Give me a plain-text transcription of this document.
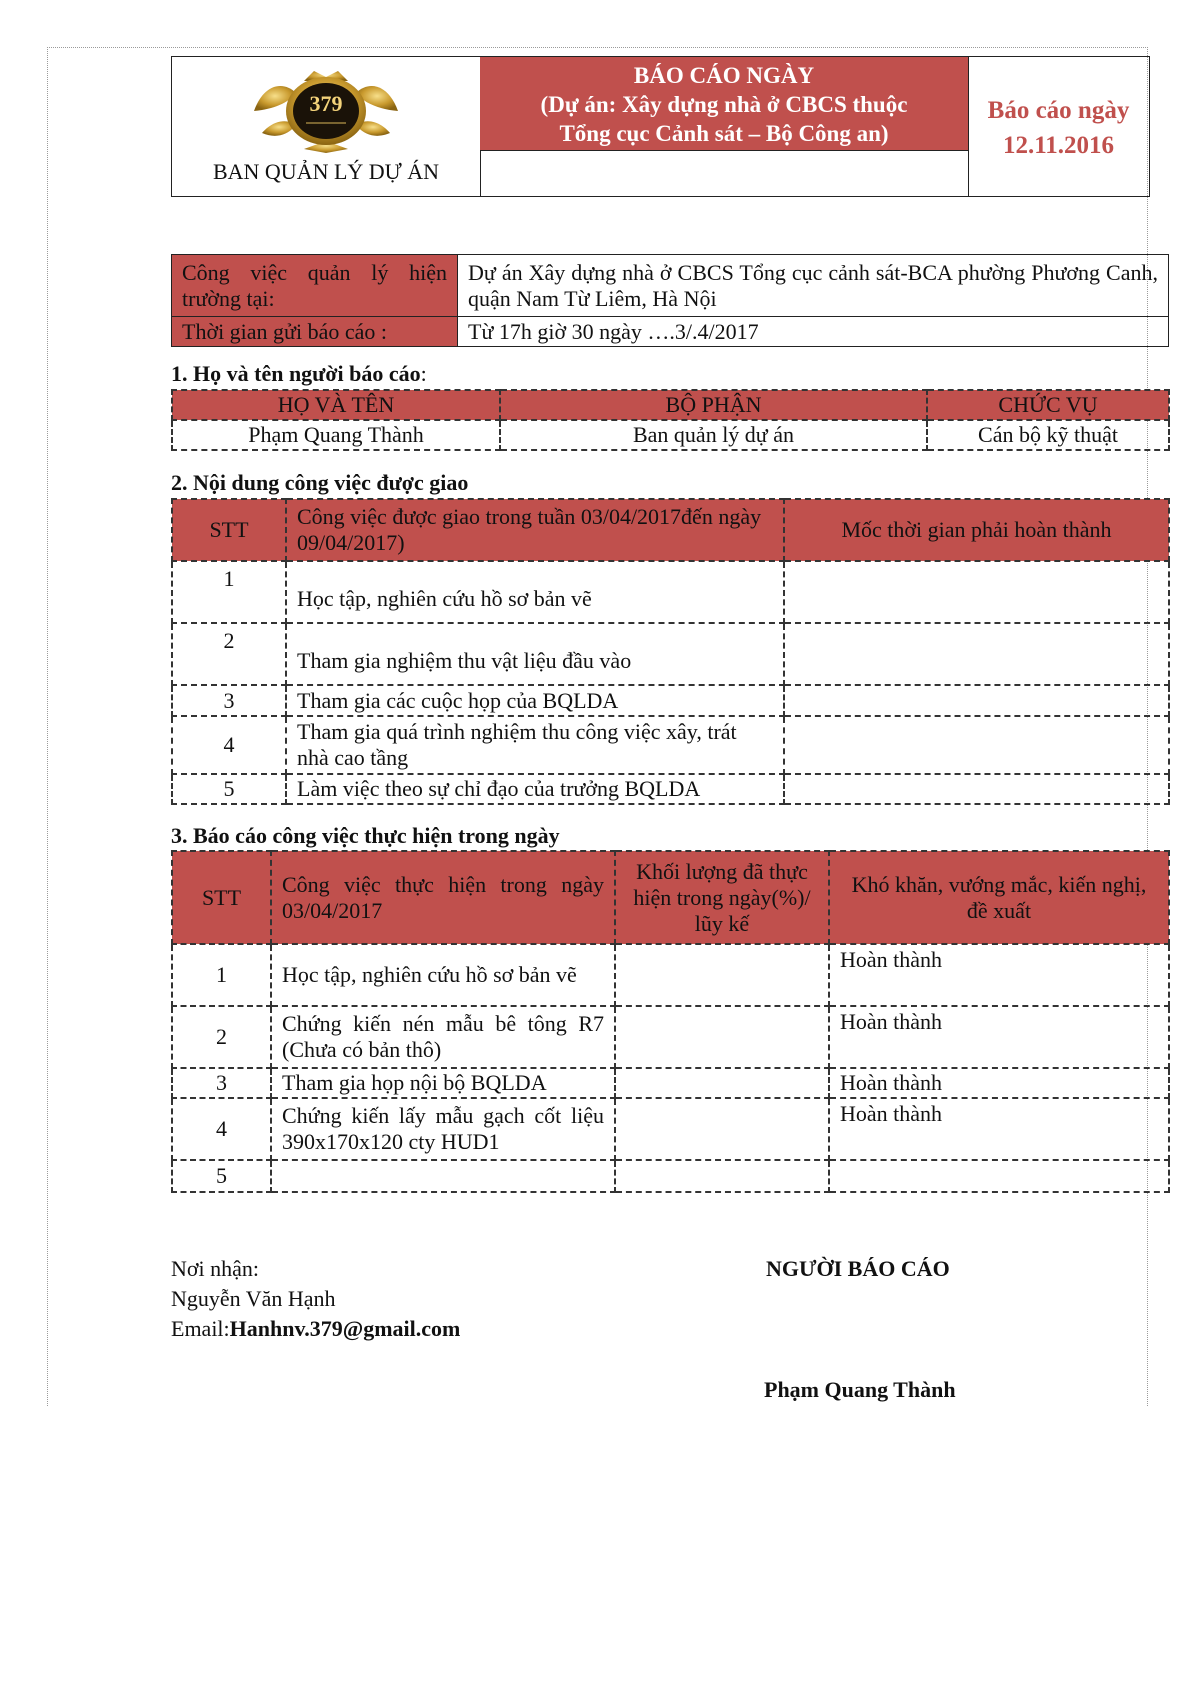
379
BAN QUẢN LÝ DỰ ÁN
BÁO CÁO NGÀY
(Dự án: Xây dựng nhà ở CBCS thuộc
Tổng cục Cảnh sát – Bộ Công an)
Báo cáo ngày
12.11.2016
Công việc quản lý hiện trường tại:	Dự án Xây dựng nhà ở CBCS Tổng cục cảnh sát-BCA phường Phương Canh, quận Nam Từ Liêm, Hà Nội
Thời gian gửi báo cáo :	Từ 17h giờ 30 ngày ….3/.4/2017
1. Họ và tên người báo cáo:
HỌ VÀ TÊN	BỘ PHẬN	CHỨC VỤ
Phạm Quang Thành	Ban quản lý dự án	Cán bộ kỹ thuật
2. Nội dung công việc được giao
STT	Công việc được giao trong tuần 03/04/2017đến ngày 09/04/2017)	Mốc thời gian phải hoàn thành
1	Học tập, nghiên cứu hồ sơ bản vẽ	
2	Tham gia nghiệm thu vật liệu đầu vào	
3	Tham gia các cuộc họp của BQLDA	
4	Tham gia quá trình nghiệm thu công việc xây, trát nhà cao tầng	
5	Làm việc theo sự chỉ đạo của trưởng BQLDA	
3. Báo cáo công việc thực hiện trong ngày
STT	Công việc thực hiện trong ngày 03/04/2017	Khối lượng đã thực hiện trong ngày(%)/ lũy kế	Khó khăn, vướng mắc, kiến nghị, đề xuất
1	Học tập, nghiên cứu hồ sơ bản vẽ		Hoàn thành
2	Chứng kiến nén mẫu bê tông R7 (Chưa có bản thô)		Hoàn thành
3	Tham gia họp nội bộ BQLDA		Hoàn thành
4	Chứng kiến lấy mẫu gạch cốt liệu 390x170x120 cty HUD1		Hoàn thành
5			
Nơi nhận:
Nguyễn Văn Hạnh
Email:Hanhnv.379@gmail.com
NGƯỜI BÁO CÁO
Phạm Quang Thành
